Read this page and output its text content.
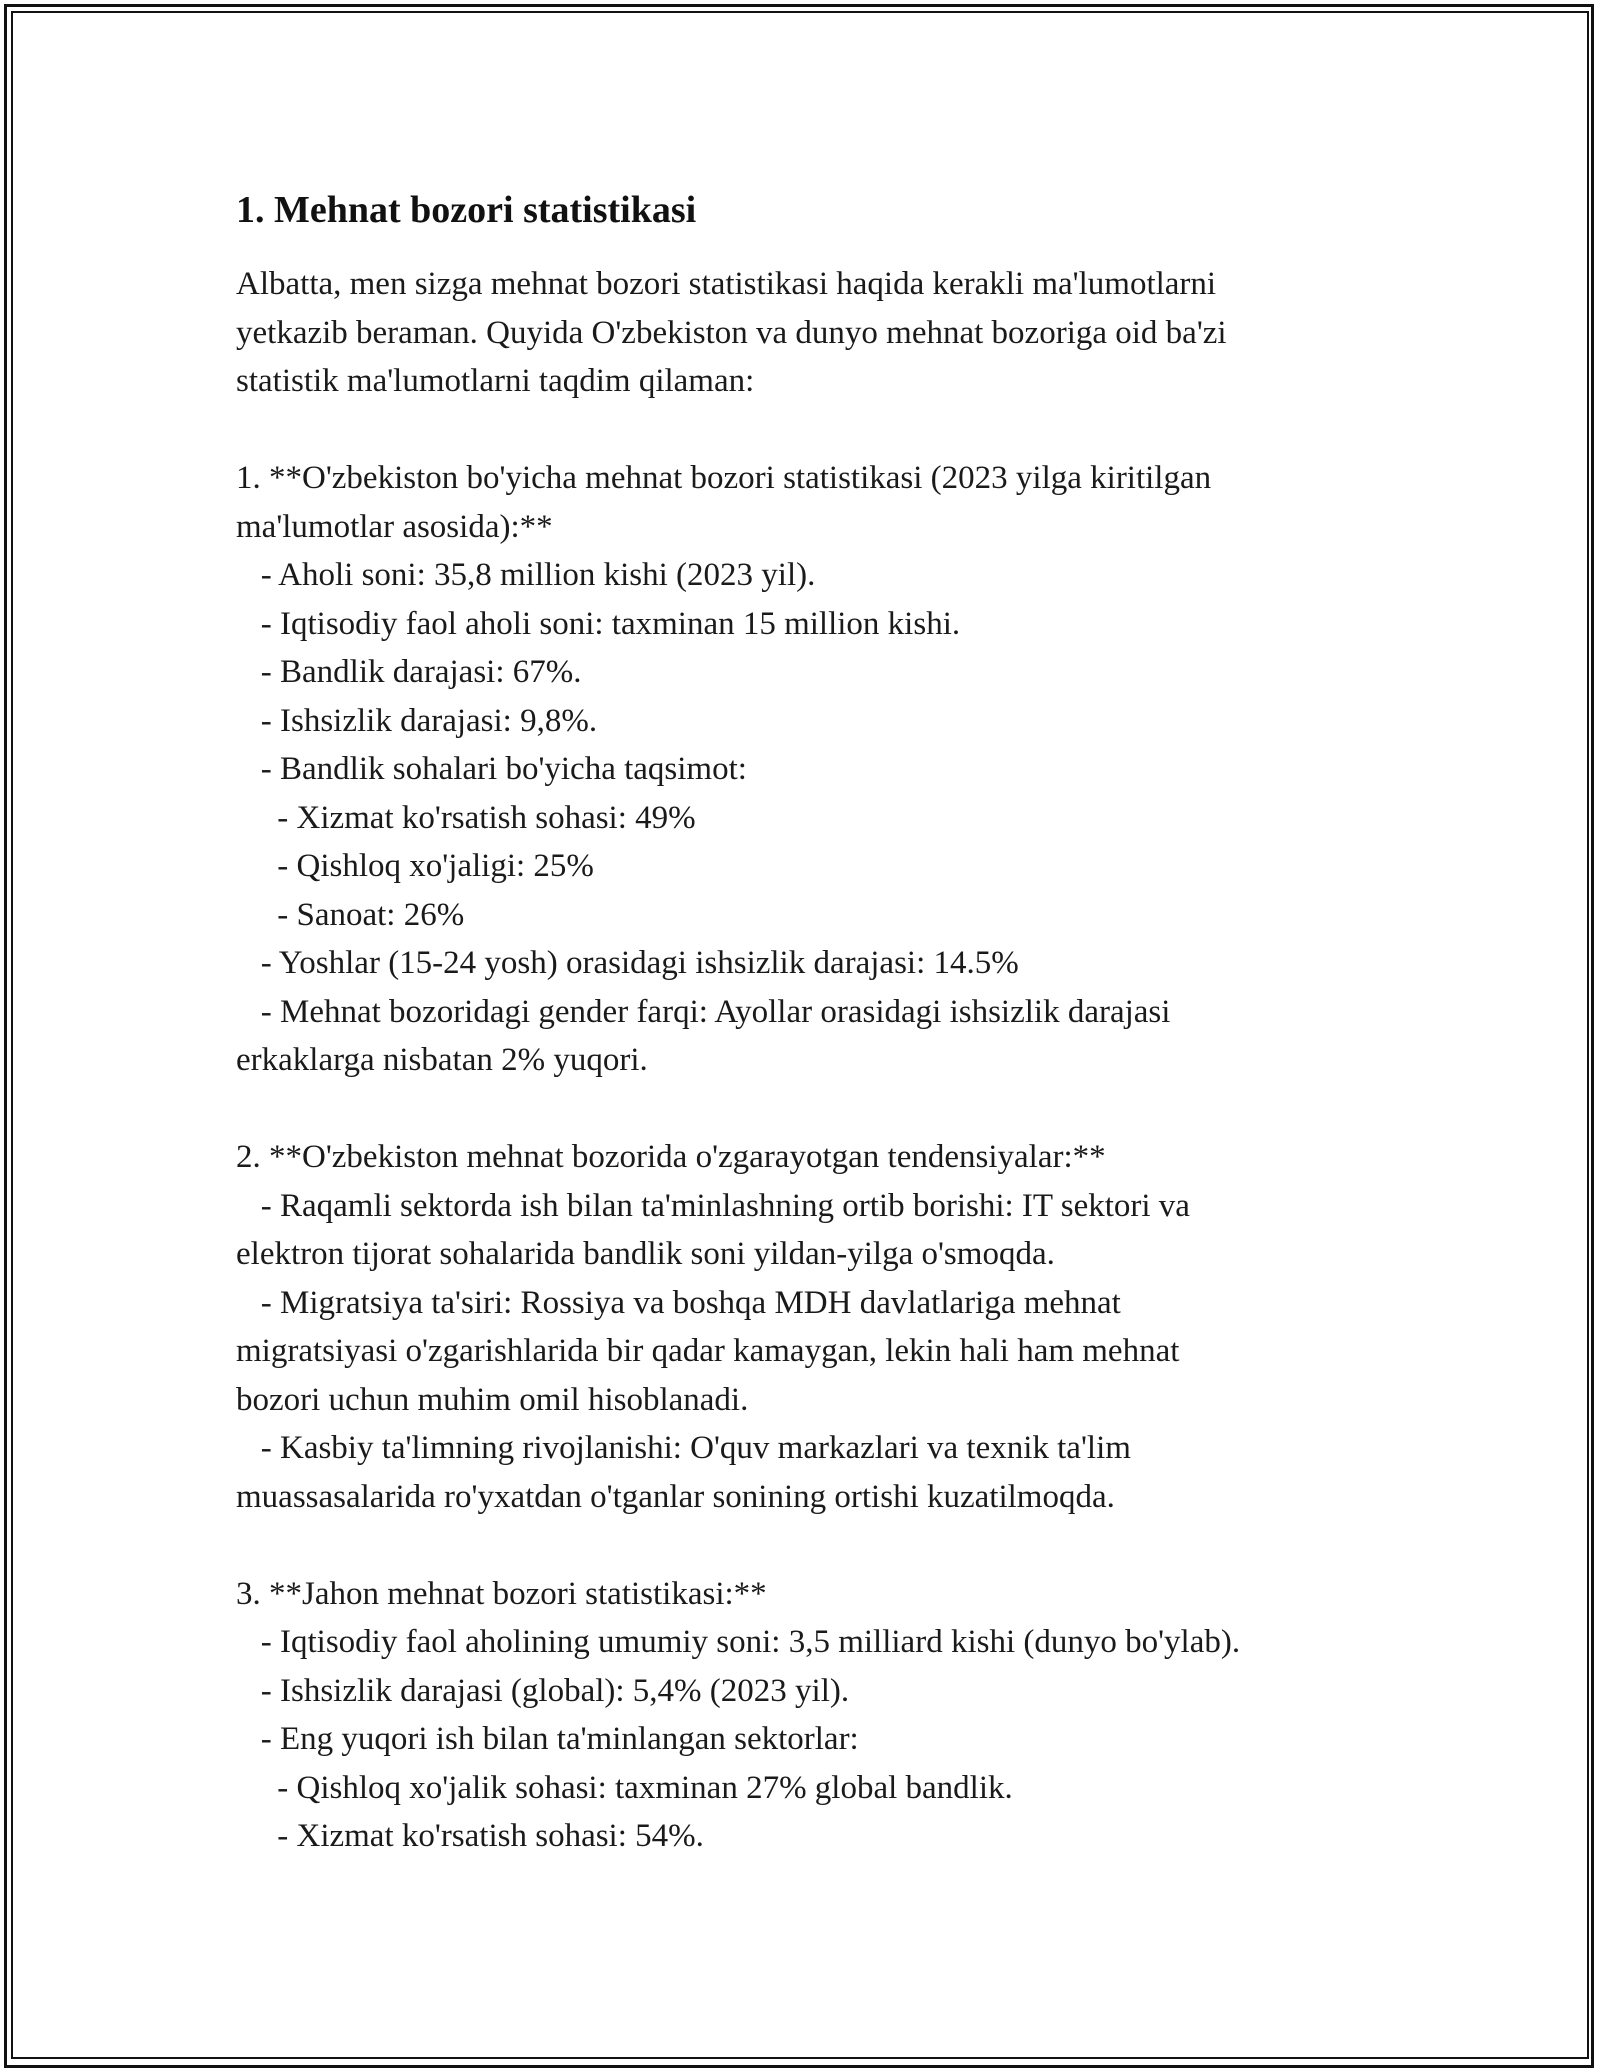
1. Mehnat bozori statistikasi
Albatta, men sizga mehnat bozori statistikasi haqida kerakli ma'lumotlarni
yetkazib beraman. Quyida O'zbekiston va dunyo mehnat bozoriga oid ba'zi
statistik ma'lumotlarni taqdim qilaman:
1. **O'zbekiston bo'yicha mehnat bozori statistikasi (2023 yilga kiritilgan
ma'lumotlar asosida):**
- Aholi soni: 35,8 million kishi (2023 yil).
- Iqtisodiy faol aholi soni: taxminan 15 million kishi.
- Bandlik darajasi: 67%.
- Ishsizlik darajasi: 9,8%.
- Bandlik sohalari bo'yicha taqsimot:
- Xizmat ko'rsatish sohasi: 49%
- Qishloq xo'jaligi: 25%
- Sanoat: 26%
- Yoshlar (15-24 yosh) orasidagi ishsizlik darajasi: 14.5%
- Mehnat bozoridagi gender farqi: Ayollar orasidagi ishsizlik darajasi
erkaklarga nisbatan 2% yuqori.
2. **O'zbekiston mehnat bozorida o'zgarayotgan tendensiyalar:**
- Raqamli sektorda ish bilan ta'minlashning ortib borishi: IT sektori va
elektron tijorat sohalarida bandlik soni yildan-yilga o'smoqda.
- Migratsiya ta'siri: Rossiya va boshqa MDH davlatlariga mehnat
migratsiyasi o'zgarishlarida bir qadar kamaygan, lekin hali ham mehnat
bozori uchun muhim omil hisoblanadi.
- Kasbiy ta'limning rivojlanishi: O'quv markazlari va texnik ta'lim
muassasalarida ro'yxatdan o'tganlar sonining ortishi kuzatilmoqda.
3. **Jahon mehnat bozori statistikasi:**
- Iqtisodiy faol aholining umumiy soni: 3,5 milliard kishi (dunyo bo'ylab).
- Ishsizlik darajasi (global): 5,4% (2023 yil).
- Eng yuqori ish bilan ta'minlangan sektorlar:
- Qishloq xo'jalik sohasi: taxminan 27% global bandlik.
- Xizmat ko'rsatish sohasi: 54%.
